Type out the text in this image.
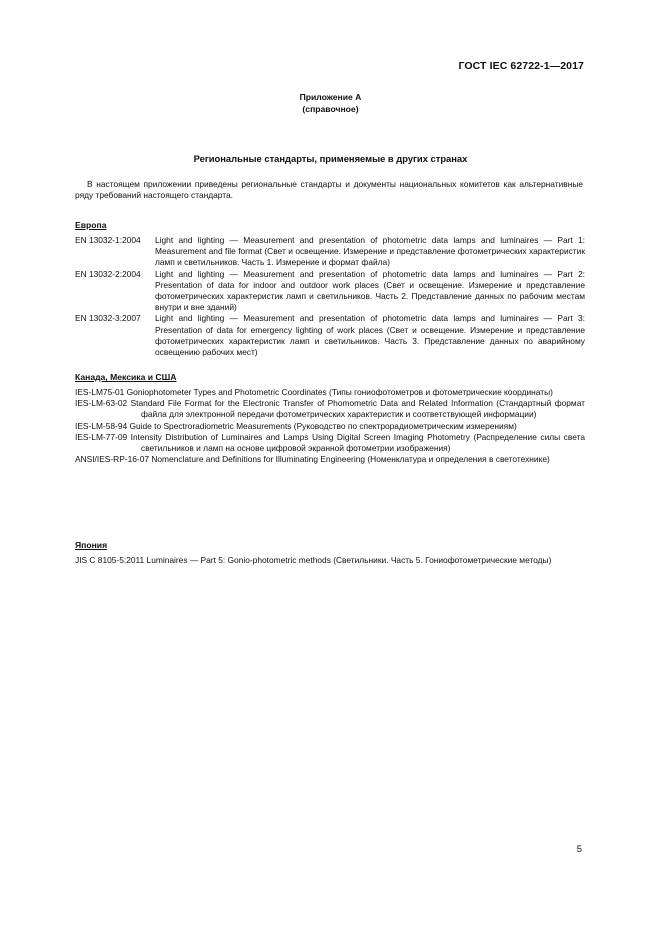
ГОСТ IEC 62722-1—2017
Приложение А
(справочное)
Региональные стандарты, применяемые в других странах
В настоящем приложении приведены региональные стандарты и документы национальных комитетов как альтернативные ряду требований настоящего стандарта.
Европа
EN 13032-1:2004	Light and lighting — Measurement and presentation of photometric data lamps and luminaires — Part 1: Measurement and file format (Свет и освещение. Измерение и представление фотометрических характеристик ламп и светильников. Часть 1. Измерение и формат файла)
EN 13032-2:2004	Light and lighting — Measurement and presentation of photometric data lamps and luminaires — Part 2: Presentation of data for indoor and outdoor work places (Свет и освещение. Измерение и представление фотометрических характеристик ламп и светильников. Часть 2. Представление данных по рабочим местам внутри и вне зданий)
EN 13032-3:2007	Light and lighting — Measurement and presentation of photometric data lamps and luminaires — Part 3: Presentation of data for emergency lighting of work places (Свет и освещение. Измерение и представление фотометрических характеристик ламп и светильников. Часть 3. Представление данных по аварийному освещению рабочих мест)
Канада, Мексика и США
IES-LM75-01 Goniophotometer Types and Photometric Coordinates (Типы гониофотометров и фотометрические координаты)
IES-LM-63-02 Standard File Format for the Electronic Transfer of Phomometric Data and Related Information (Стандартный формат файла для электронной передачи фотометрических характеристик и соответствующей информации)
IES-LM-58-94 Guide to Spectroradiometric Measurements (Руководство по спектрорадиометрическим измерениям)
IES-LM-77-09 Intensity Distribution of Luminaires and Lamps Using Digital Screen Imaging Photometry (Распределение силы света светильников и ламп на основе цифровой экранной фотометрии изображения)
ANSI/IES-RP-16-07 Nomenclature and Definitions for Illuminating Engineering (Номенклатура и определения в светотехнике)
Япония
JIS C 8105-5:2011 Luminaires — Part 5: Gonio-photometric methods (Светильники. Часть 5. Гониофотометрические методы)
5
